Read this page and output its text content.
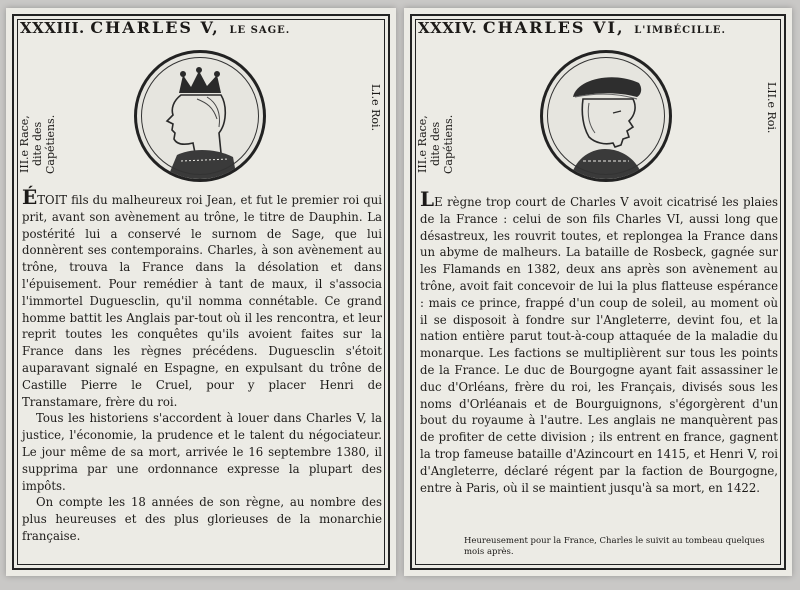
XXXIII. CHARLES V, LE SAGE.
III.e Race, dite des
Capétiens.
LI.e Roi.

ÉTOIT fils du malheureux roi Jean, et fut le premier roi qui prit, avant son avènement au trône, le titre de Dauphin. La postérité lui a conservé le surnom de Sage, que lui donnèrent ses contemporains. Charles, à son avènement au trône, trouva la France dans la désolation et dans l'épuisement. Pour remédier à tant de maux, il s'associa l'immortel Duguesclin, qu'il nomma connétable. Ce grand homme battit les Anglais par-tout où il les rencontra, et leur reprit toutes les conquêtes qu'ils avoient faites sur la France dans les règnes précédens. Duguesclin s'étoit auparavant signalé en Espagne, en expulsant du trône de Castille Pierre le Cruel, pour y placer Henri de Transtamare, frère du roi.

Tous les historiens s'accordent à louer dans Charles V, la justice, l'économie, la prudence et le talent du négociateur. Le jour même de sa mort, arrivée le 16 septembre 1380, il supprima par une ordonnance expresse la plupart des impôts.

On compte les 18 années de son règne, au nombre des plus heureuses et des plus glorieuses de la monarchie française.

XXXIV. CHARLES VI, L'IMBÉCILLE.
III.e Race, dite des
Capétiens.
LII.e Roi.

LE règne trop court de Charles V avoit cicatrisé les plaies de la France : celui de son fils Charles VI, aussi long que désastreux, les rouvrit toutes, et replongea la France dans un abyme de malheurs. La bataille de Rosbeck, gagnée sur les Flamands en 1382, deux ans après son avènement au trône, avoit fait concevoir de lui la plus flatteuse espérance : mais ce prince, frappé d'un coup de soleil, au moment où il se disposoit à fondre sur l'Angleterre, devint fou, et la nation entière parut tout-à-coup attaquée de la maladie du monarque. Les factions se multiplièrent sur tous les points de la France. Le duc de Bourgogne ayant fait assassiner le duc d'Orléans, frère du roi, les Français, divisés sous les noms d'Orléanais et de Bourguignons, s'égorgèrent d'un bout du royaume à l'autre. Les anglais ne manquèrent pas de profiter de cette division ; ils entrent en france, gagnent la trop fameuse bataille d'Azincourt en 1415, et Henri V, roi d'Angleterre, déclaré régent par la faction de Bourgogne, entre à Paris, où il se maintient jusqu'à sa mort, en 1422.

Heureusement pour la France, Charles le suivit au tombeau quelques mois après.
